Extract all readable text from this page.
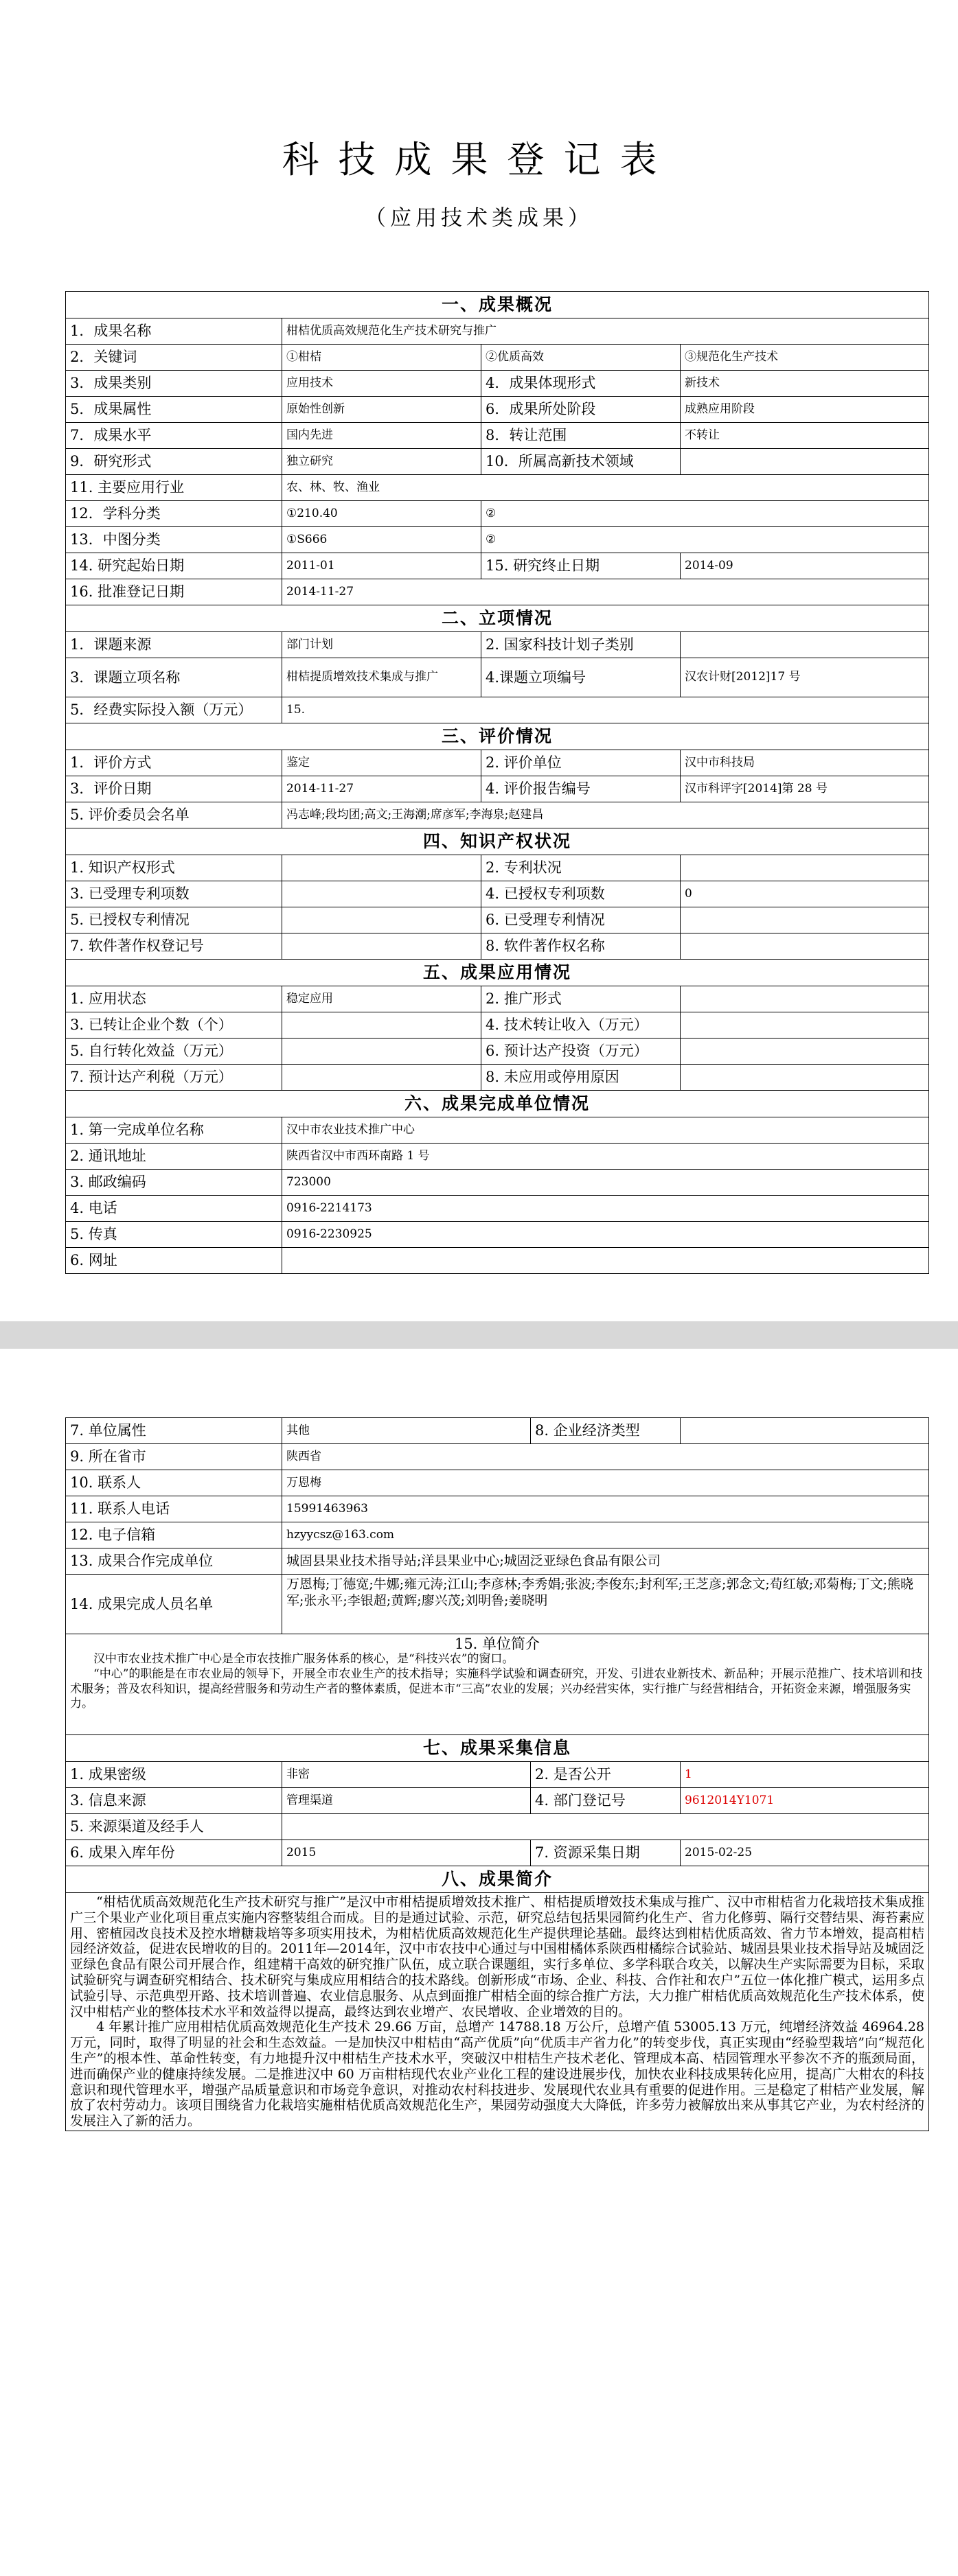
科技成果登记表
（应用技术类成果）
一、成果概况			
1．成果名称	柑桔优质高效规范化生产技术研究与推广		
2．关键词	①柑桔	②优质高效	③规范化生产技术
3．成果类别	应用技术	4．成果体现形式	新技术
5．成果属性	原始性创新	6．成果所处阶段	成熟应用阶段
7．成果水平	国内先进	8．转让范围	不转让
9．研究形式	独立研究	10．所属高新技术领域	
11. 主要应用行业	农、林、牧、渔业		
12．学科分类	①210.40	②	
13．中图分类	①S666	②	
14. 研究起始日期	2011-01	15. 研究终止日期	2014-09
16. 批准登记日期	2014-11-27		
二、立项情况			
1．课题来源	部门计划	2. 国家科技计划子类别	
3．课题立项名称	柑桔提质增效技术集成与推广	4.课题立项编号	汉农计财[2012]17 号
5．经费实际投入额（万元）	15.		
三、评价情况			
1．评价方式	鉴定	2. 评价单位	汉中市科技局
3．评价日期	2014-11-27	4. 评价报告编号	汉市科评字[2014]第 28 号
5. 评价委员会名单	冯志峰;段均团;高文;王海潮;席彦军;李海泉;赵建昌		
四、知识产权状况			
1. 知识产权形式		2. 专利状况	
3. 已受理专利项数		4. 已授权专利项数	0
5. 已授权专利情况		6. 已受理专利情况	
7. 软件著作权登记号		8. 软件著作权名称	
五、成果应用情况			
1. 应用状态	稳定应用	2. 推广形式	
3. 已转让企业个数（个）		4. 技术转让收入（万元）	
5. 自行转化效益（万元）		6. 预计达产投资（万元）	
7. 预计达产利税（万元）		8. 未应用或停用原因	
六、成果完成单位情况			
1. 第一完成单位名称	汉中市农业技术推广中心		
2. 通讯地址	陕西省汉中市西环南路 1 号		
3. 邮政编码	723000		
4. 电话	0916-2214173		
5. 传真	0916-2230925		
6. 网址			
7. 单位属性	其他	8. 企业经济类型	
9. 所在省市	陕西省		
10. 联系人	万恩梅		
11. 联系人电话	15991463963		
12. 电子信箱	hzyycsz@163.com		
13. 成果合作完成单位	城固县果业技术指导站;洋县果业中心;城固泛亚绿色食品有限公司		
14. 成果完成人员名单	万恩梅;丁德宽;牛娜;雍元涛;江山;李彦林;李秀娟;张波;李俊东;封利军;王芝彦;郭念文;荀红敏;邓菊梅;丁文;熊晓军;张永平;李银超;黄辉;廖兴茂;刘明鲁;姜晓明		

15. 单位简介
汉中市农业技术推广中心是全市农技推广服务体系的核心，是“科技兴农”的窗口。
“中心”的职能是在市农业局的领导下，开展全市农业生产的技术指导；实施科学试验和调查研究，开发、引进农业新技术、新品种；开展示范推广、技术培训和技术服务；普及农科知识，提高经营服务和劳动生产者的整体素质，促进本市“三高”农业的发展；兴办经营实体，实行推广与经营相结合，开拓资金来源，增强服务实力。			

七、成果采集信息			
1. 成果密级	非密	2. 是否公开	1
3. 信息来源	管理渠道	4. 部门登记号	9612014Y1071
5. 来源渠道及经手人			
6. 成果入库年份	2015	7. 资源采集日期	2015-02-25
八、成果简介			

“柑桔优质高效规范化生产技术研究与推广”是汉中市柑桔提质增效技术推广、柑桔提质增效技术集成与推广、汉中市柑桔省力化栽培技术集成推广三个果业产业化项目重点实施内容整装组合而成。目的是通过试验、示范，研究总结包括果园简约化生产、省力化修剪、隔行交替结果、海苔素应用、密植园改良技术及控水增糖栽培等多项实用技术，为柑桔优质高效规范化生产提供理论基础。最终达到柑桔优质高效、省力节本增效，提高柑桔园经济效益，促进农民增收的目的。2011年—2014年，汉中市农技中心通过与中国柑橘体系陕西柑橘综合试验站、城固县果业技术指导站及城固泛亚绿色食品有限公司开展合作，组建精干高效的研究推广队伍，成立联合课题组，实行多单位、多学科联合攻关，以解决生产实际需要为目标，采取试验研究与调查研究相结合、技术研究与集成应用相结合的技术路线。创新形成“市场、企业、科技、合作社和农户”五位一体化推广模式，运用多点试验引导、示范典型开路、技术培训普遍、农业信息服务、从点到面推广柑桔全面的综合推广方法，大力推广柑桔优质高效规范化生产技术体系，使汉中柑桔产业的整体技术水平和效益得以提高，最终达到农业增产、农民增收、企业增效的目的。
4 年累计推广应用柑桔优质高效规范化生产技术 29.66 万亩，总增产 14788.18 万公斤，总增产值 53005.13 万元，纯增经济效益 46964.28 万元，同时，取得了明显的社会和生态效益。一是加快汉中柑桔由“高产优质”向“优质丰产省力化”的转变步伐，真正实现由“经验型栽培”向“规范化生产”的根本性、革命性转变，有力地提升汉中柑桔生产技术水平，突破汉中柑桔生产技术老化、管理成本高、桔园管理水平参次不齐的瓶颈局面，进而确保产业的健康持续发展。二是推进汉中 60 万亩柑桔现代农业产业化工程的建设进展步伐，加快农业科技成果转化应用，提高广大柑农的科技意识和现代管理水平，增强产品质量意识和市场竞争意识，对推动农村科技进步、发展现代农业具有重要的促进作用。三是稳定了柑桔产业发展，解放了农村劳动力。该项目围绕省力化栽培实施柑桔优质高效规范化生产，果园劳动强度大大降低，许多劳力被解放出来从事其它产业，为农村经济的发展注入了新的活力。			
